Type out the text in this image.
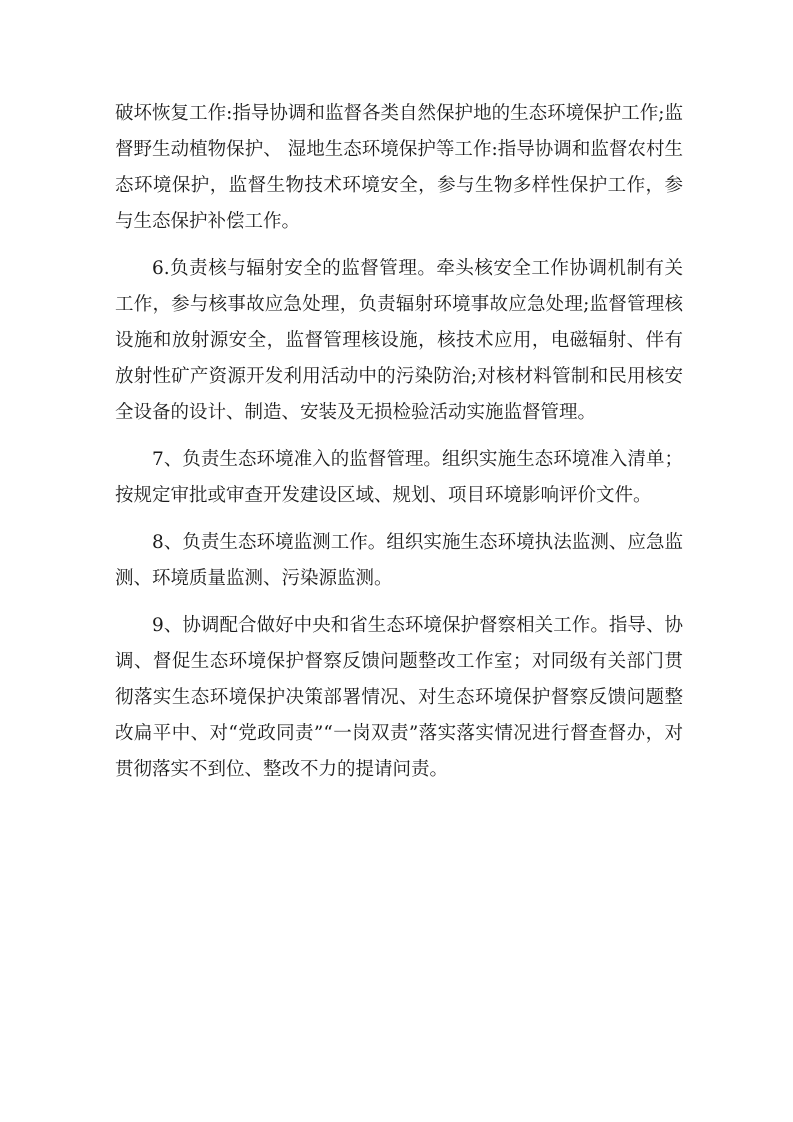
破坏恢复工作:指导协调和监督各类自然保护地的生态环境保护工作;监督野生动植物保护、 湿地生态环境保护等工作:指导协调和监督农村生态环境保护，监督生物技术环境安全，参与生物多样性保护工作，参与生态保护补偿工作。

6.负责核与辐射安全的监督管理。牵头核安全工作协调机制有关工作，参与核事故应急处理，负责辐射环境事故应急处理;监督管理核设施和放射源安全，监督管理核设施，核技术应用，电磁辐射、伴有放射性矿产资源开发利用活动中的污染防治;对核材料管制和民用核安全设备的设计、制造、安装及无损检验活动实施监督管理。

7、负责生态环境准入的监督管理。组织实施生态环境准入清单；按规定审批或审查开发建设区域、规划、项目环境影响评价文件。

8、负责生态环境监测工作。组织实施生态环境执法监测、应急监测、环境质量监测、污染源监测。

9、协调配合做好中央和省生态环境保护督察相关工作。指导、协调、督促生态环境保护督察反馈问题整改工作室；对同级有关部门贯彻落实生态环境保护决策部署情况、对生态环境保护督察反馈问题整改扁平中、对“党政同责”“一岗双责”落实落实情况进行督查督办，对贯彻落实不到位、整改不力的提请问责。
